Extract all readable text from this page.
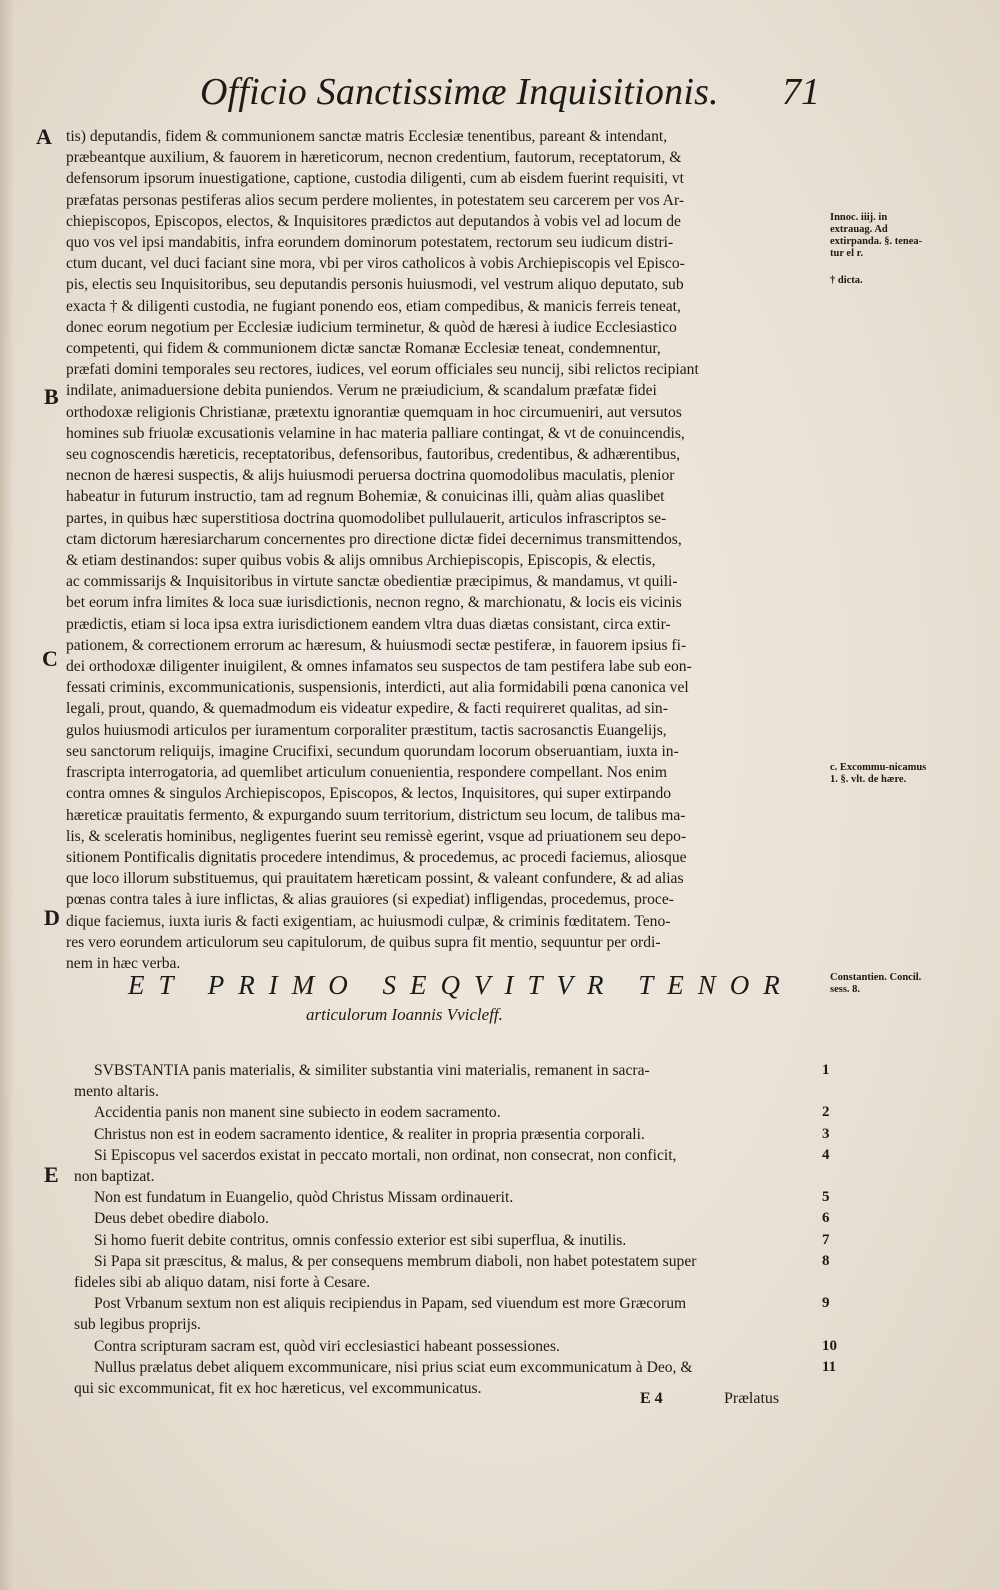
Officio Sanctissimæ Inquisitionis. 71
A
B
C
D
E

tis) deputandis, fidem & communionem sanctæ matris Ecclesiæ tenentibus, pareant & intendant,

præbeantque auxilium, & fauorem in hæreticorum, necnon credentium, fautorum, receptatorum, &

defensorum ipsorum inuestigatione, captione, custodia diligenti, cum ab eisdem fuerint requisiti, vt

præfatas personas pestiferas alios secum perdere molientes, in potestatem seu carcerem per vos Ar-

chiepiscopos, Episcopos, electos, & Inquisitores prædictos aut deputandos à vobis vel ad locum de

quo vos vel ipsi mandabitis, infra eorundem dominorum potestatem, rectorum seu iudicum distri-

ctum ducant, vel duci faciant sine mora, vbi per viros catholicos à vobis Archiepiscopis vel Episco-

pis, electis seu Inquisitoribus, seu deputandis personis huiusmodi, vel vestrum aliquo deputato, sub

exacta † & diligenti custodia, ne fugiant ponendo eos, etiam compedibus, & manicis ferreis teneat,

donec eorum negotium per Ecclesiæ iudicium terminetur, & quòd de hæresi à iudice Ecclesiastico

competenti, qui fidem & communionem dictæ sanctæ Romanæ Ecclesiæ teneat, condemnentur,

præfati domini temporales seu rectores, iudices, vel eorum officiales seu nuncij, sibi relictos recipiant

indilate, animaduersione debita puniendos. Verum ne præiudicium, & scandalum præfatæ fidei

orthodoxæ religionis Christianæ, prætextu ignorantiæ quemquam in hoc circumueniri, aut versutos

homines sub friuolæ excusationis velamine in hac materia palliare contingat, & vt de conuincendis,

seu cognoscendis hæreticis, receptatoribus, defensoribus, fautoribus, credentibus, & adhærentibus,

necnon de hæresi suspectis, & alijs huiusmodi peruersa doctrina quomodolibus maculatis, plenior

habeatur in futurum instructio, tam ad regnum Bohemiæ, & conuicinas illi, quàm alias quaslibet

partes, in quibus hæc superstitiosa doctrina quomodolibet pullulauerit, articulos infrascriptos se-

ctam dictorum hæresiarcharum concernentes pro directione dictæ fidei decernimus transmittendos,

& etiam destinandos: super quibus vobis & alijs omnibus Archiepiscopis, Episcopis, & electis,

ac commissarijs & Inquisitoribus in virtute sanctæ obedientiæ præcipimus, & mandamus, vt quili-

bet eorum infra limites & loca suæ iurisdictionis, necnon regno, & marchionatu, & locis eis vicinis

prædictis, etiam si loca ipsa extra iurisdictionem eandem vltra duas diætas consistant, circa extir-

pationem, & correctionem errorum ac hæresum, & huiusmodi sectæ pestiferæ, in fauorem ipsius fi-

dei orthodoxæ diligenter inuigilent, & omnes infamatos seu suspectos de tam pestifera labe sub eon-

fessati criminis, excommunicationis, suspensionis, interdicti, aut alia formidabili pœna canonica vel

legali, prout, quando, & quemadmodum eis videatur expedire, & facti requireret qualitas, ad sin-

gulos huiusmodi articulos per iuramentum corporaliter præstitum, tactis sacrosanctis Euangelijs,

seu sanctorum reliquijs, imagine Crucifixi, secundum quorundam locorum obseruantiam, iuxta in-

frascripta interrogatoria, ad quemlibet articulum conuenientia, respondere compellant. Nos enim

contra omnes & singulos Archiepiscopos, Episcopos, & lectos, Inquisitores, qui super extirpando

hæreticæ prauitatis fermento, & expurgando suum territorium, districtum seu locum, de talibus ma-

lis, & sceleratis hominibus, negligentes fuerint seu remissè egerint, vsque ad priuationem seu depo-

sitionem Pontificalis dignitatis procedere intendimus, & procedemus, ac procedi faciemus, aliosque

que loco illorum substituemus, qui prauitatem hæreticam possint, & valeant confundere, & ad alias

pœnas contra tales à iure inflictas, & alias grauiores (si expediat) infligendas, procedemus, proce-

dique faciemus, iuxta iuris & facti exigentiam, ac huiusmodi culpæ, & criminis fœditatem. Teno-

res vero eorundem articulorum seu capitulorum, de quibus supra fit mentio, sequuntur per ordi-

nem in hæc verba.

Innoc. iiij. in extrauag. Ad extirpanda. §. tenea-tur el r.
† dicta.
c. Excommu-nicamus 1. §. vlt. de hære.
Constantien. Concil. sess. 8.
ET PRIMO SEQVITVR TENOR
articulorum Ioannis Vvicleff.
SVBSTANTIA panis materialis, & similiter substantia vini materialis, remanent in sacra-
mento altaris.
1
Accidentia panis non manent sine subiecto in eodem sacramento.	2
Christus non est in eodem sacramento identice, & realiter in propria præsentia corporali.	3
Si Episcopus vel sacerdos existat in peccato mortali, non ordinat, non consecrat, non conficit,
non baptizat.
4
Non est fundatum in Euangelio, quòd Christus Missam ordinauerit.	5
Deus debet obedire diabolo.	6
Si homo fuerit debite contritus, omnis confessio exterior est sibi superflua, & inutilis.	7
Si Papa sit præscitus, & malus, & per consequens membrum diaboli, non habet potestatem super
fideles sibi ab aliquo datam, nisi forte à Cesare.
8
Post Vrbanum sextum non est aliquis recipiendus in Papam, sed viuendum est more Græcorum
sub legibus proprijs.
9
Contra scripturam sacram est, quòd viri ecclesiastici habeant possessiones.	10
Nullus prælatus debet aliquem excommunicare, nisi prius sciat eum excommunicatum à Deo, &
qui sic excommunicat, fit ex hoc hæreticus, vel excommunicatus.
11
E 4	Prælatus
